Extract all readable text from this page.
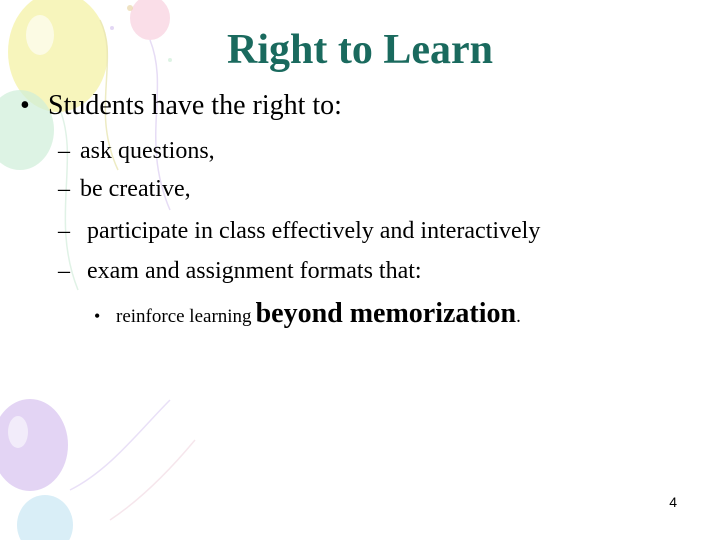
Right to Learn
• Students have the right to:
– ask questions,
– be creative,
– participate in class effectively and interactively
– exam and assignment formats that:
• reinforce learning beyond memorization.
4
